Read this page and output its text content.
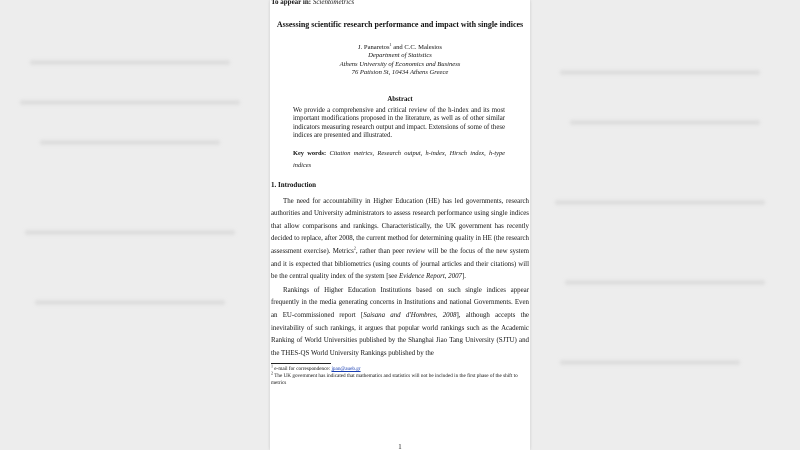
To appear in: Scientometrics

Assessing scientific research performance and impact with single indices
J. Panaretos$^1$ and C.C. Malesios
Department of Statistics
Athens University of Economics and Business
76 Patision St, 10434 Athens Greece
Abstract
We provide a comprehensive and critical review of the h-index and its most important modifications proposed in the literature, as well as of other similar indicators measuring research output and impact. Extensions of some of these indices are presented and illustrated.
Key words: Citation metrics, Research output, h-index, Hirsch index, h-type indices
1. Introduction

The need for accountability in Higher Education (HE) has led governments, research authorities and University administrators to assess research performance using single indices that allow comparisons and rankings. Characteristically, the UK government has recently decided to replace, after 2008, the current method for determining quality in HE (the research assessment exercise). Metrics$^2$, rather than peer review will be the focus of the new system and it is expected that bibliometrics (using counts of journal articles and their citations) will be the central quality index of the system [see Evidence Report, 2007].

Rankings of Higher Education Institutions based on such single indices appear frequently in the media generating concerns in Institutions and national Governments. Even an EU-commissioned report [Saisana and d'Hombres, 2008], although accepts the inevitability of such rankings, it argues that popular world rankings such as the Academic Ranking of World Universities published by the Shanghai Jiao Tang University (SJTU) and the THES-QS World University Rankings published by the

$^1$ e-mail for correspondence: jpan@aueb.gr
$^2$ The UK government has indicated that mathematics and statistics will not be included in the first phase of the shift to metrics

1
